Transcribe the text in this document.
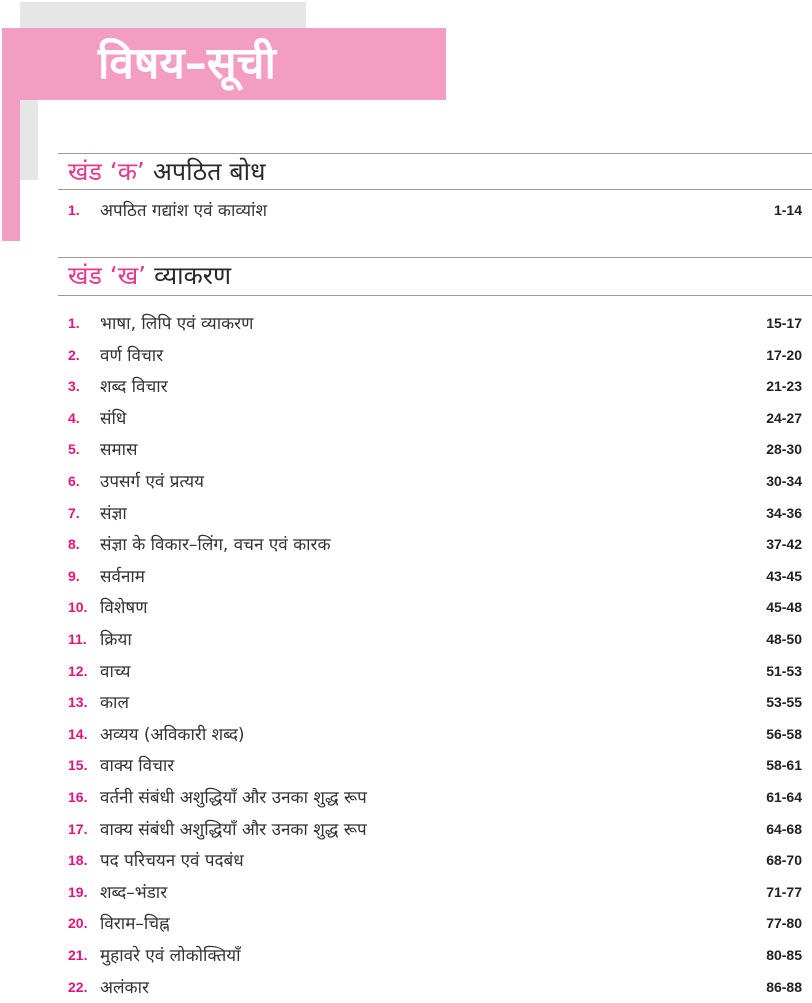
विषय–सूची
खंड ‘क’ अपठित बोध
1. अपठित गद्यांश एवं काव्यांश	1-14
खंड ‘ख’ व्याकरण
1. भाषा, लिपि एवं व्याकरण	15-17
2. वर्ण विचार	17-20
3. शब्द विचार	21-23
4. संधि	24-27
5. समास	28-30
6. उपसर्ग एवं प्रत्यय	30-34
7. संज्ञा	34-36
8. संज्ञा के विकार–लिंग, वचन एवं कारक	37-42
9. सर्वनाम	43-45
10. विशेषण	45-48
11. क्रिया	48-50
12. वाच्य	51-53
13. काल	53-55
14. अव्यय (अविकारी शब्द)	56-58
15. वाक्य विचार	58-61
16. वर्तनी संबंधी अशुद्धियाँ और उनका शुद्ध रूप	61-64
17. वाक्य संबंधी अशुद्धियाँ और उनका शुद्ध रूप	64-68
18. पद परिचयन एवं पदबंध	68-70
19. शब्द–भंडार	71-77
20. विराम–चिह्न	77-80
21. मुहावरे एवं लोकोक्तियाँ	80-85
22. अलंकार	86-88
